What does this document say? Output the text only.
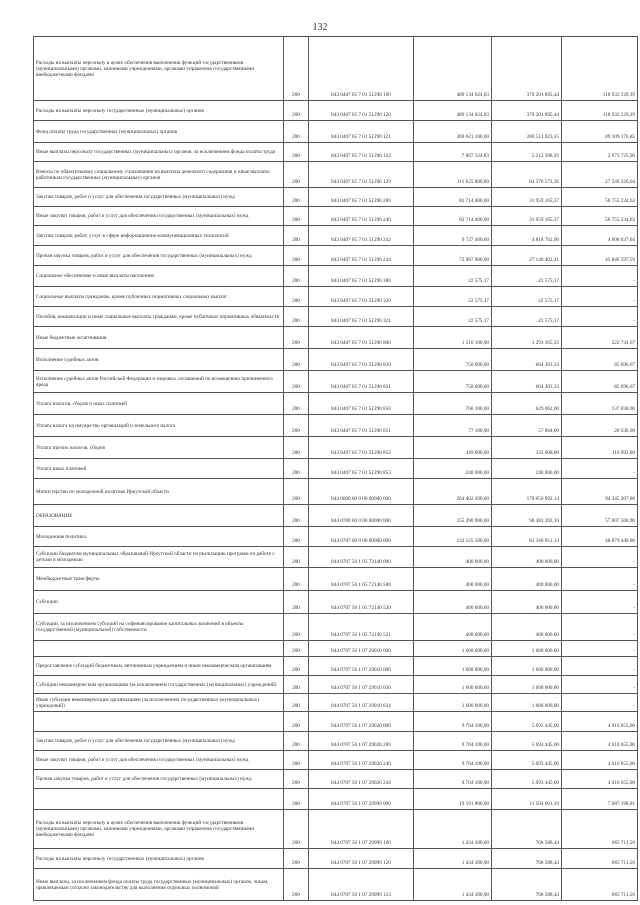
132
Расходы на выплаты персоналу в целях обеспечения выполнения функций государственными (муниципальными) органами, казенными учреждениями, органами управления государственными внебюджетными фондами	200	843 0407 65 7 01 51290 100	489 134 024,83	370 201 895,44	118 932 129,39
Расходы на выплаты персоналу государственных (муниципальных) органов	200	843 0407 65 7 01 51290 120	489 134 024,83	370 201 895,44	118 932 129,39
Фонд оплаты труда государственных (муниципальных) органов	200	843 0407 65 7 01 51290 121	369 621 100,00	280 511 923,15	89 109 176,85
Иные выплаты персоналу государственных (муниципальных) органов, за исключением фонда оплаты труда	200	843 0407 65 7 01 51290 122	7 887 124,83	5 213 398,93	2 673 725,90
Взносы по обязательному социальному страхованию на выплаты денежного содержания и иные выплаты работникам государственных (муниципальных) органов	200	843 0407 65 7 01 51290 129	111 625 800,00	84 376 573,36	27 249 226,64
Закупка товаров, работ и услуг для обеспечения государственных (муниципальных) нужд	200	843 0407 65 7 01 51290 200	82 714 400,00	31 959 165,37	50 755 234,63
Иные закупки товаров, работ и услуг для обеспечения государственных (муниципальных) нужд	200	843 0407 65 7 01 51290 240	82 714 400,00	31 959 165,37	50 755 234,63
Закупка товаров, работ, услуг в сфере информационно-коммуникационных технологий	200	843 0407 65 7 01 51290 242	9 727 400,00	4 818 762,96	4 908 637,04
Прочая закупка товаров, работ и услуг для обеспечения государственных (муниципальных) нужд	200	843 0407 65 7 01 51290 244	72 987 000,00	27 140 402,41	45 846 597,59
Социальное обеспечение и иные выплаты населению	200	843 0407 65 7 01 51290 300	22 575,17	22 575,17	-
Социальные выплаты гражданам, кроме публичных нормативных социальных выплат	200	843 0407 65 7 01 51290 320	22 575,17	22 575,17	-
Пособия, компенсации и иные социальные выплаты гражданам, кроме публичных нормативных обязательств	200	843 0407 65 7 01 51290 321	22 575,17	22 575,17	-
Иные бюджетные ассигнования	200	843 0407 65 7 01 51290 800	1 516 100,00	1 293 365,33	222 734,67
Исполнение судебных актов	200	843 0407 65 7 01 51290 830	750 000,00	664 303,33	85 696,67
Исполнение судебных актов Российской Федерации и мировых соглашений по возмещению причиненного вреда	200	843 0407 65 7 01 51290 831	750 000,00	664 303,33	85 696,67
Уплата налогов, сборов и иных платежей	200	843 0407 65 7 01 51290 850	766 100,00	629 062,00	137 038,00
Уплата налога на имущество организаций и земельного налога	200	843 0407 65 7 01 51290 851	77 100,00	57 064,00	20 036,00
Уплата прочих налогов, сборов	200	843 0407 65 7 01 51290 852	449 000,00	332 008,00	116 992,00
Уплата иных платежей	200	843 0407 65 7 01 51290 853	240 000,00	240 000,00	-
Министерство по молодежной политике Иркутской области	200	844 0000 00 0 00 00000 000	264 402 200,00	170 056 992,14	94 345 207,86
ОБРАЗОВАНИЕ	200	844 0700 00 0 00 00000 000	155 390 900,00	98 383 393,10	57 007 506,90
Молодежная политика	200	844 0707 00 0 00 00000 000	132 125 500,00	83 346 051,14	48 879 448,86
Субсидии бюджетам муниципальных образований Иркутской области на реализацию программ по работе с детьми и молодежью	200	844 0707 56 1 05 72140 000	400 000,00	400 000,00	-
Межбюджетные трансферты	200	844 0707 56 1 05 72140 500	400 000,00	400 000,00	-
Субсидии	200	844 0707 56 1 05 72140 520	400 000,00	400 000,00	-
Субсидии, за исключением субсидий на софинансирование капитальных вложений в объекты государственной (муниципальной) собственности	200	844 0707 56 1 05 72140 521	400 000,00	400 000,00	-
	200	844 0707 56 1 07 29010 000	1 600 000,00	1 600 000,00	-
Предоставление субсидий бюджетным, автономным учреждениям и иным некоммерческим организациям	200	844 0707 56 1 07 29010 600	1 600 000,00	1 600 000,00	-
Субсидии некоммерческим организациям (за исключением государственных (муниципальных) учреждений)	200	844 0707 56 1 07 29010 630	1 600 000,00	1 600 000,00	-
Иные субсидии некоммерческим организациям (за исключением государственных (муниципальных) учреждений)	200	844 0707 56 1 07 29010 634	1 600 000,00	1 600 000,00	-
	200	844 0707 56 1 07 29020 000	9 704 100,00	5 693 445,00	4 010 655,00
Закупка товаров, работ и услуг для обеспечения государственных (муниципальных) нужд	200	844 0707 56 1 07 29020 200	9 704 100,00	5 693 445,00	4 010 655,00
Иные закупки товаров, работ и услуг для обеспечения государственных (муниципальных) нужд	200	844 0707 56 1 07 29020 240	9 704 100,00	5 693 445,00	4 010 655,00
Прочая закупка товаров, работ и услуг для обеспечения государственных (муниципальных) нужд	200	844 0707 56 1 07 29020 244	9 704 100,00	5 693 445,00	4 010 655,00
	200	844 0707 56 1 07 29999 000	19 191 800,00	11 504 601,19	7 687 198,81
Расходы на выплаты персоналу в целях обеспечения выполнения функций государственными (муниципальными) органами, казенными учреждениями, органами управления государственными внебюджетными фондами	200	844 0707 56 1 07 29999 100	1 434 300,00	768 588,44	665 711,56
Расходы на выплаты персоналу государственных (муниципальных) органов	200	844 0707 56 1 07 29999 120	1 434 300,00	768 588,44	665 711,56
Иные выплаты, за исключением фонда оплаты труда государственных (муниципальных) органов, лицам, привлекаемым согласно законодательству для выполнения отдельных полномочий	200	844 0707 56 1 07 29999 123	1 434 300,00	768 588,44	665 711,56
